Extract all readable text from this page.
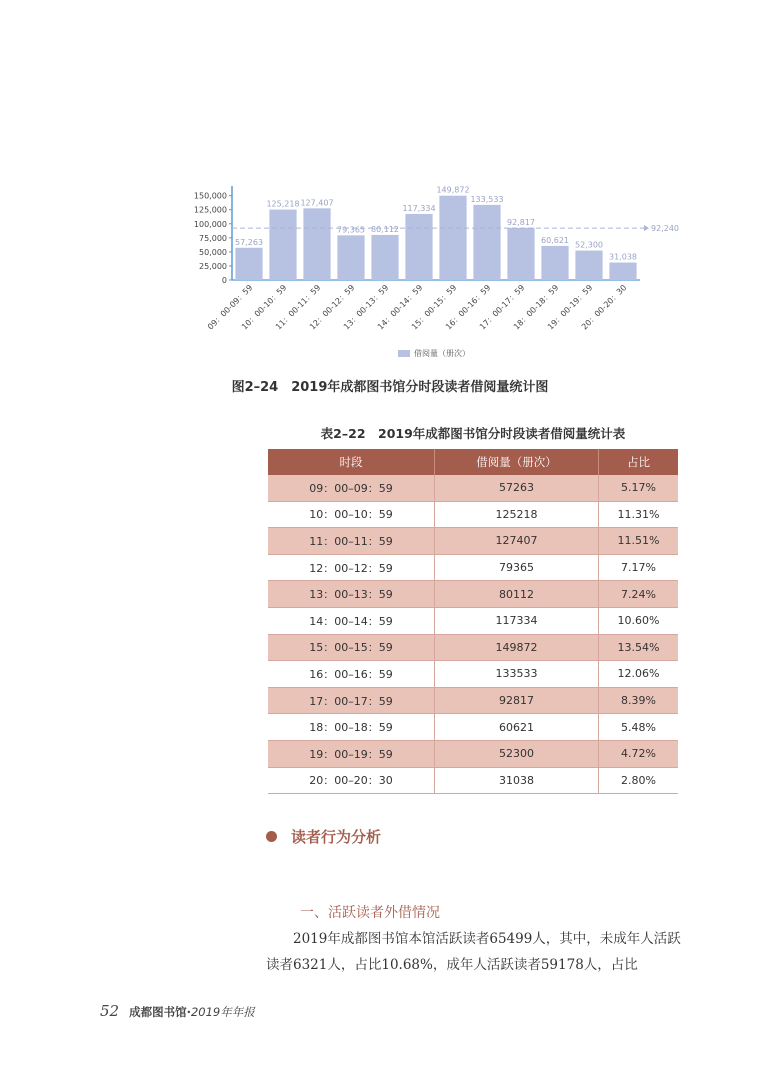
0
25,000
50,000
75,000
100,000
125,000
150,000
57,263
09：00-09：59
125,218
10：00-10：59
127,407
11：00-11：59
79,365
12：00-12：59
80,112
13：00-13：59
117,334
14：00-14：59
149,872
15：00-15：59
133,533
16：00-16：59
92,817
17：00-17：59
60,621
18：00-18：59
52,300
19：00-19：59
31,038
20：00-20：30
92,240
借阅量（册次）
图2–24　2019年成都图书馆分时段读者借阅量统计图
表2–22　2019年成都图书馆分时段读者借阅量统计表
时段	借阅量（册次）	占比
09：00–09：59	57263	5.17%
10：00–10：59	125218	11.31%
11：00–11：59	127407	11.51%
12：00–12：59	79365	7.17%
13：00–13：59	80112	7.24%
14：00–14：59	117334	10.60%
15：00–15：59	149872	13.54%
16：00–16：59	133533	12.06%
17：00–17：59	92817	8.39%
18：00–18：59	60621	5.48%
19：00–19：59	52300	4.72%
20：00–20：30	31038	2.80%
读者行为分析
一、活跃读者外借情况

2019年成都图书馆本馆活跃读者65499人，其中，未成年人活跃读者6321人，占比10.68%，成年人活跃读者59178人，占比

52 成都图书馆·2019年年报
